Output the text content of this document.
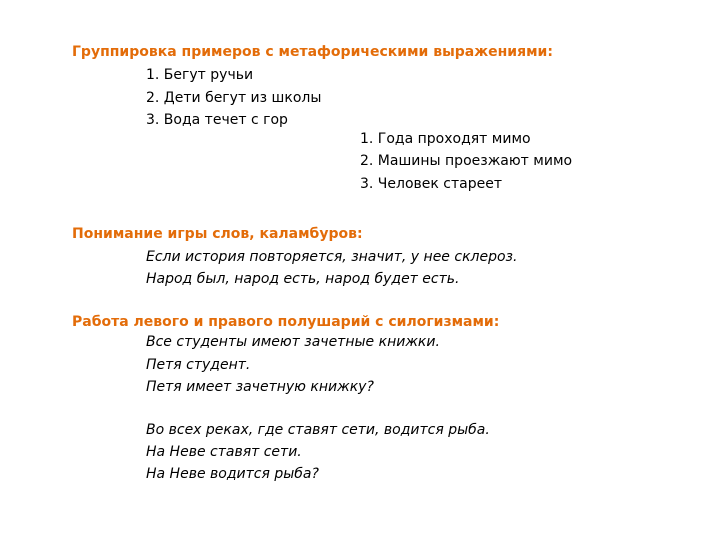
Группировка примеров с метафорическими выражениями:
1. Бегут ручьи
2. Дети бегут из школы
3. Вода течет с гор
1. Года проходят мимо
2. Машины проезжают мимо
3. Человек стареет
Понимание игры слов, каламбуров:
Если история повторяется, значит, у нее склероз.
Народ был, народ есть, народ будет есть.
Работа левого и правого полушарий с силогизмами:
Все студенты имеют зачетные книжки.
Петя студент.
Петя имеет зачетную книжку?
Во всех реках, где ставят сети, водится рыба.
На Неве ставят сети.
На Неве водится рыба?
